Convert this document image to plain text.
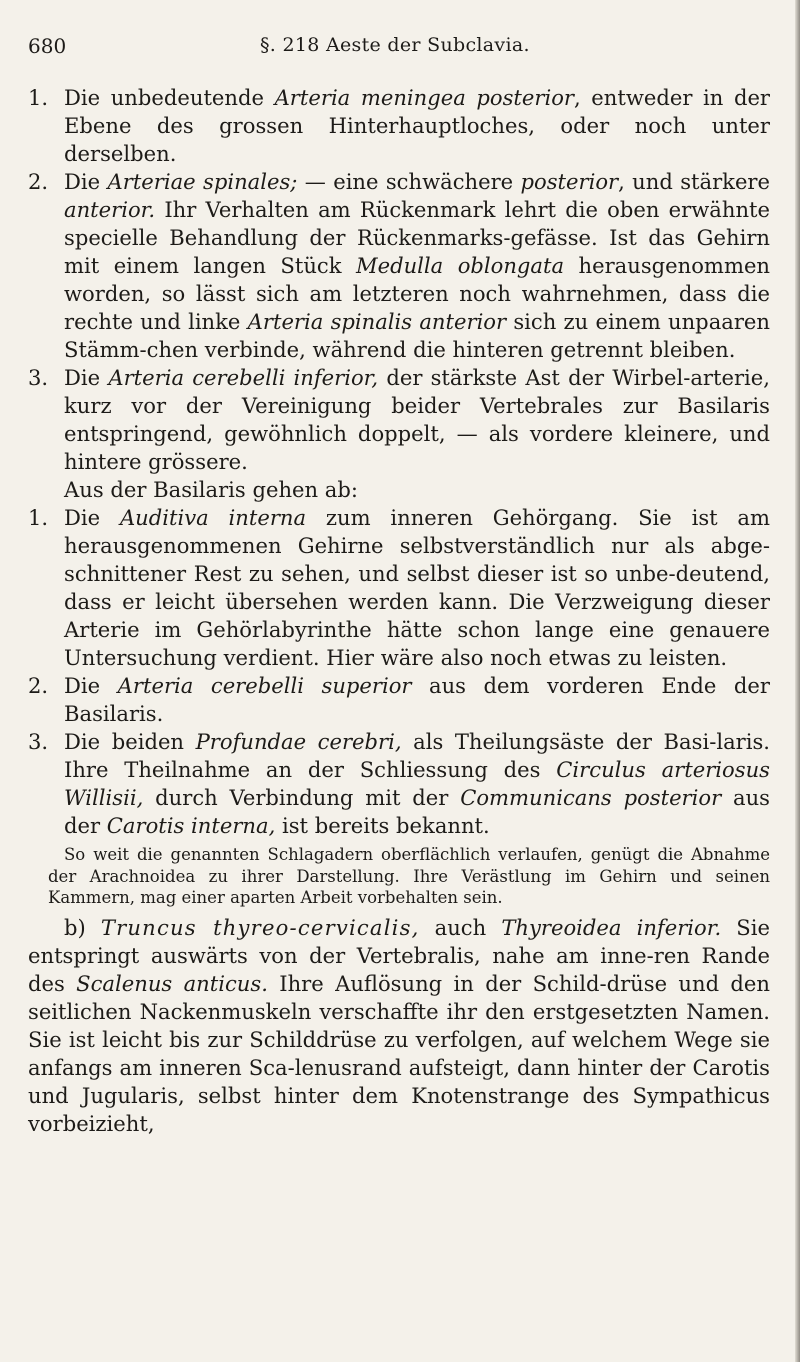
680	§. 218 Aeste der Subclavia.

1. Die unbedeutende Arteria meningea posterior, entweder in der Ebene des grossen Hinterhauptloches, oder noch unter derselben.

2. Die Arteriae spinales; — eine schwächere posterior, und stärkere anterior. Ihr Verhalten am Rückenmark lehrt die oben erwähnte specielle Behandlung der Rückenmarks-gefässe. Ist das Gehirn mit einem langen Stück Medulla oblongata herausgenommen worden, so lässt sich am letzteren noch wahrnehmen, dass die rechte und linke Arteria spinalis anterior sich zu einem unpaaren Stämm-chen verbinde, während die hinteren getrennt bleiben.

3. Die Arteria cerebelli inferior, der stärkste Ast der Wirbel-arterie, kurz vor der Vereinigung beider Vertebrales zur Basilaris entspringend, gewöhnlich doppelt, — als vordere kleinere, und hintere grössere.

Aus der Basilaris gehen ab:

1. Die Auditiva interna zum inneren Gehörgang. Sie ist am herausgenommenen Gehirne selbstverständlich nur als abge-schnittener Rest zu sehen, und selbst dieser ist so unbe-deutend, dass er leicht übersehen werden kann. Die Verzweigung dieser Arterie im Gehörlabyrinthe hätte schon lange eine genauere Untersuchung verdient. Hier wäre also noch etwas zu leisten.

2. Die Arteria cerebelli superior aus dem vorderen Ende der Basilaris.

3. Die beiden Profundae cerebri, als Theilungsäste der Basi-laris. Ihre Theilnahme an der Schliessung des Circulus arteriosus Willisii, durch Verbindung mit der Communicans posterior aus der Carotis interna, ist bereits bekannt.

So weit die genannten Schlagadern oberflächlich verlaufen, genügt die Abnahme der Arachnoidea zu ihrer Darstellung. Ihre Verästlung im Gehirn und seinen Kammern, mag einer aparten Arbeit vorbehalten sein.

b) Truncus thyreo-cervicalis, auch Thyreoidea inferior. Sie entspringt auswärts von der Vertebralis, nahe am inne-ren Rande des Scalenus anticus. Ihre Auflösung in der Schild-drüse und den seitlichen Nackenmuskeln verschaffte ihr den erstgesetzten Namen. Sie ist leicht bis zur Schilddrüse zu verfolgen, auf welchem Wege sie anfangs am inneren Sca-lenusrand aufsteigt, dann hinter der Carotis und Jugularis, selbst hinter dem Knotenstrange des Sympathicus vorbeizieht,
